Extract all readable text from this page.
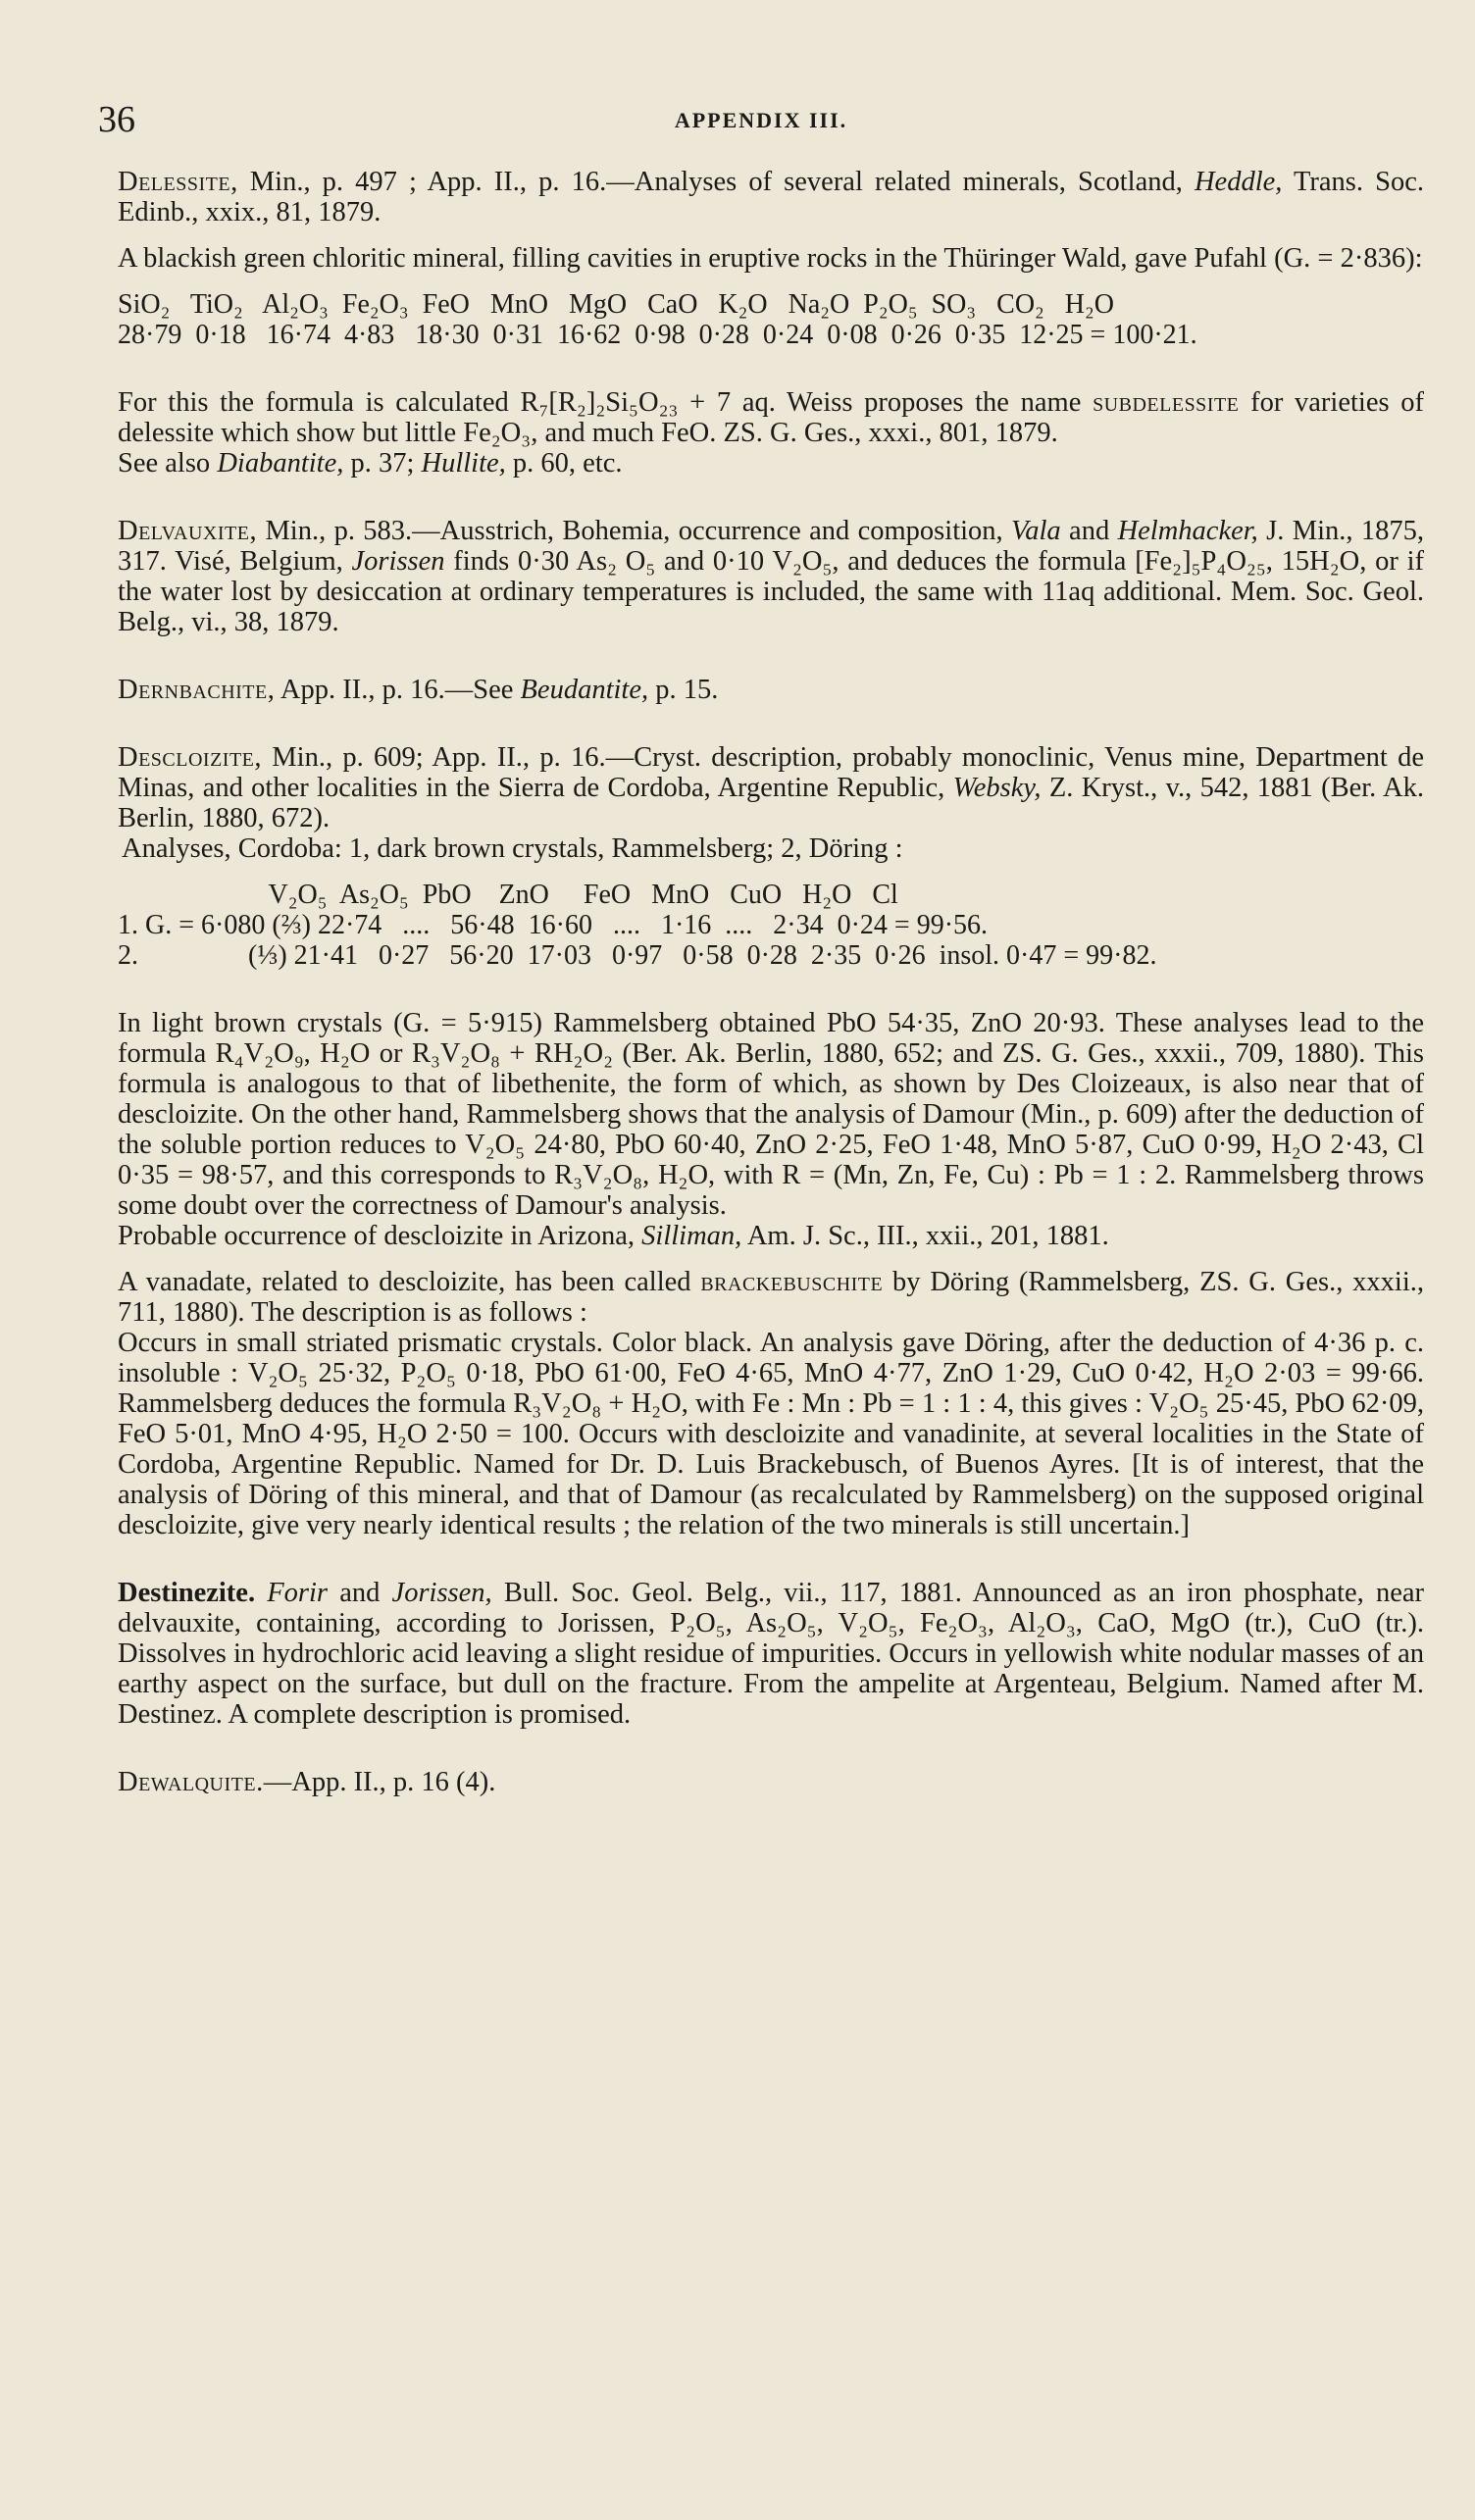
36	APPENDIX III.

Delessite, Min., p. 497 ; App. II., p. 16.—Analyses of several related minerals, Scotland, Heddle, Trans. Soc. Edinb., xxix., 81, 1879.

A blackish green chloritic mineral, filling cavities in eruptive rocks in the Thüringer Wald, gave Pufahl (G. = 2·836):

SiO₂   TiO₂   Al₂O₃  Fe₂O₃  FeO   MnO   MgO   CaO   K₂O   Na₂O  P₂O₅  SO₃   CO₂   H₂O
28·79  0·18   16·74  4·83   18·30  0·31  16·62  0·98  0·28  0·24  0·08  0·26  0·35  12·25 = 100·21.

For this the formula is calculated R₇[R₂]₂Si₅O₂₃ + 7 aq. Weiss proposes the name subdelessite for varieties of delessite which show but little Fe₂O₃, and much FeO. ZS. G. Ges., xxxi., 801, 1879.

See also Diabantite, p. 37; Hullite, p. 60, etc.

Delvauxite, Min., p. 583.—Ausstrich, Bohemia, occurrence and composition, Vala and Helmhacker, J. Min., 1875, 317. Visé, Belgium, Jorissen finds 0·30 As₂ O₅ and 0·10 V₂O₅, and deduces the formula [Fe₂]₅P₄O₂₅, 15H₂O, or if the water lost by desiccation at ordinary temperatures is included, the same with 11aq additional. Mem. Soc. Geol. Belg., vi., 38, 1879.

Dernbachite, App. II., p. 16.—See Beudantite, p. 15.

Descloizite, Min., p. 609; App. II., p. 16.—Cryst. description, probably monoclinic, Venus mine, Department de Minas, and other localities in the Sierra de Cordoba, Argentine Republic, Websky, Z. Kryst., v., 542, 1881 (Ber. Ak. Berlin, 1880, 672).

Analyses, Cordoba: 1, dark brown crystals, Rammelsberg; 2, Döring :

V₂O₅  As₂O₅  PbO    ZnO     FeO   MnO   CuO   H₂O   Cl
1. G. = 6·080 (⅔) 22·74   ....   56·48  16·60   ....   1·16  ....   2·34  0·24 = 99·56.
2.                (⅓) 21·41   0·27   56·20  17·03   0·97   0·58  0·28  2·35  0·26  insol. 0·47 = 99·82.

In light brown crystals (G. = 5·915) Rammelsberg obtained PbO 54·35, ZnO 20·93. These analyses lead to the formula R₄V₂O₉, H₂O or R₃V₂O₈ + RH₂O₂ (Ber. Ak. Berlin, 1880, 652; and ZS. G. Ges., xxxii., 709, 1880). This formula is analogous to that of libethenite, the form of which, as shown by Des Cloizeaux, is also near that of descloizite. On the other hand, Rammelsberg shows that the analysis of Damour (Min., p. 609) after the deduction of the soluble portion reduces to V₂O₅ 24·80, PbO 60·40, ZnO 2·25, FeO 1·48, MnO 5·87, CuO 0·99, H₂O 2·43, Cl 0·35 = 98·57, and this corresponds to R₃V₂O₈, H₂O, with R = (Mn, Zn, Fe, Cu) : Pb = 1 : 2. Rammelsberg throws some doubt over the correctness of Damour's analysis.

Probable occurrence of descloizite in Arizona, Silliman, Am. J. Sc., III., xxii., 201, 1881.

A vanadate, related to descloizite, has been called brackebuschite by Döring (Rammelsberg, ZS. G. Ges., xxxii., 711, 1880). The description is as follows :

Occurs in small striated prismatic crystals. Color black. An analysis gave Döring, after the deduction of 4·36 p. c. insoluble : V₂O₅ 25·32, P₂O₅ 0·18, PbO 61·00, FeO 4·65, MnO 4·77, ZnO 1·29, CuO 0·42, H₂O 2·03 = 99·66. Rammelsberg deduces the formula R₃V₂O₈ + H₂O, with Fe : Mn : Pb = 1 : 1 : 4, this gives : V₂O₅ 25·45, PbO 62·09, FeO 5·01, MnO 4·95, H₂O 2·50 = 100. Occurs with descloizite and vanadinite, at several localities in the State of Cordoba, Argentine Republic. Named for Dr. D. Luis Brackebusch, of Buenos Ayres. [It is of interest, that the analysis of Döring of this mineral, and that of Damour (as recalculated by Rammelsberg) on the supposed original descloizite, give very nearly identical results ; the relation of the two minerals is still uncertain.]

Destinezite. Forir and Jorissen, Bull. Soc. Geol. Belg., vii., 117, 1881. Announced as an iron phosphate, near delvauxite, containing, according to Jorissen, P₂O₅, As₂O₅, V₂O₅, Fe₂O₃, Al₂O₃, CaO, MgO (tr.), CuO (tr.). Dissolves in hydrochloric acid leaving a slight residue of impurities. Occurs in yellowish white nodular masses of an earthy aspect on the surface, but dull on the fracture. From the ampelite at Argenteau, Belgium. Named after M. Destinez. A complete description is promised.

Dewalquite.—App. II., p. 16 (4).
